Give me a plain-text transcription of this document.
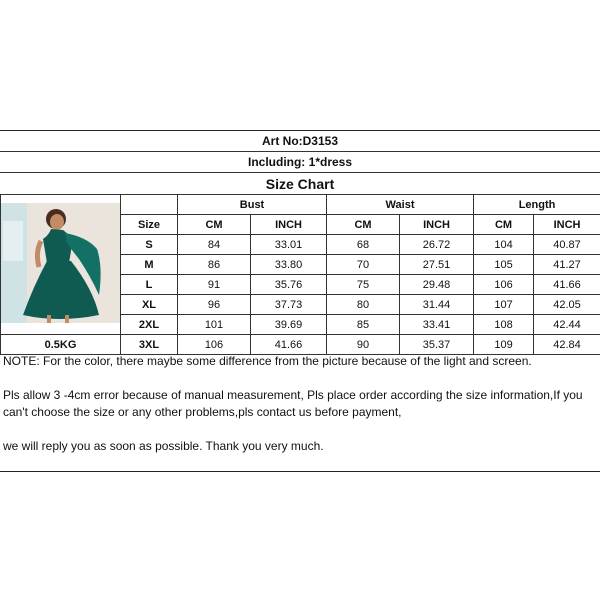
Art No:D3153
Including: 1*dress
Size Chart
		Bust		Waist		Length	
	Size	CM	INCH	CM	INCH	CM	INCH
	S	84	33.01	68	26.72	104	40.87
	M	86	33.80	70	27.51	105	41.27
	L	91	35.76	75	29.48	106	41.66
	XL	96	37.73	80	31.44	107	42.05
	2XL	101	39.69	85	33.41	108	42.44
0.5KG	3XL	106	41.66	90	35.37	109	42.84

NOTE: For the color, there maybe some difference from the picture because of the light and screen.

Pls allow 3 -4cm error because of manual measurement, Pls place order according the size information,If you can't choose the size or any other problems,pls contact us before payment,

we will reply you as soon as possible. Thank you very much.
